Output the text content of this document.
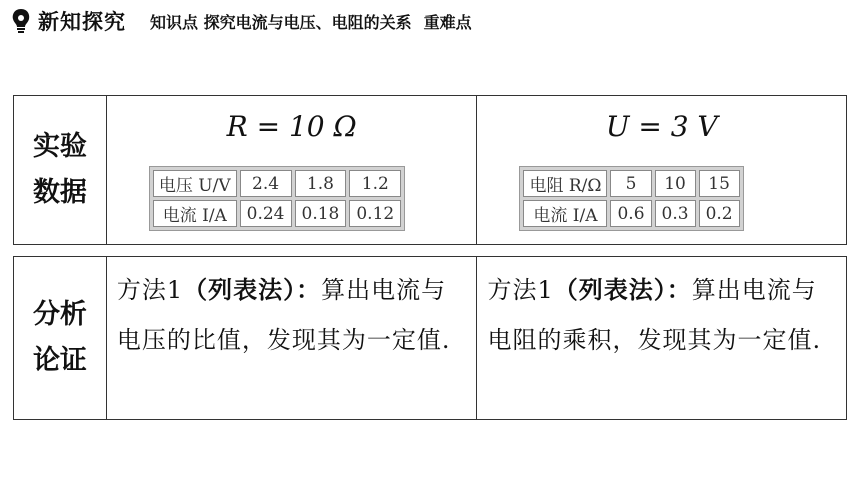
新知探究 知识点 探究电流与电压、电阻的关系 重难点
实验
数据
R = 10 Ω
电压 U/V	2.4	1.8	1.2
电流 I/A	0.24	0.18	0.12
U = 3 V
电阻 R/Ω	5	10	15
电流 I/A	0.6	0.3	0.2
分析
论证
方法1（列表法）：算出电流与电压的比值，发现其为一定值.
方法1（列表法）：算出电流与电阻的乘积，发现其为一定值.
